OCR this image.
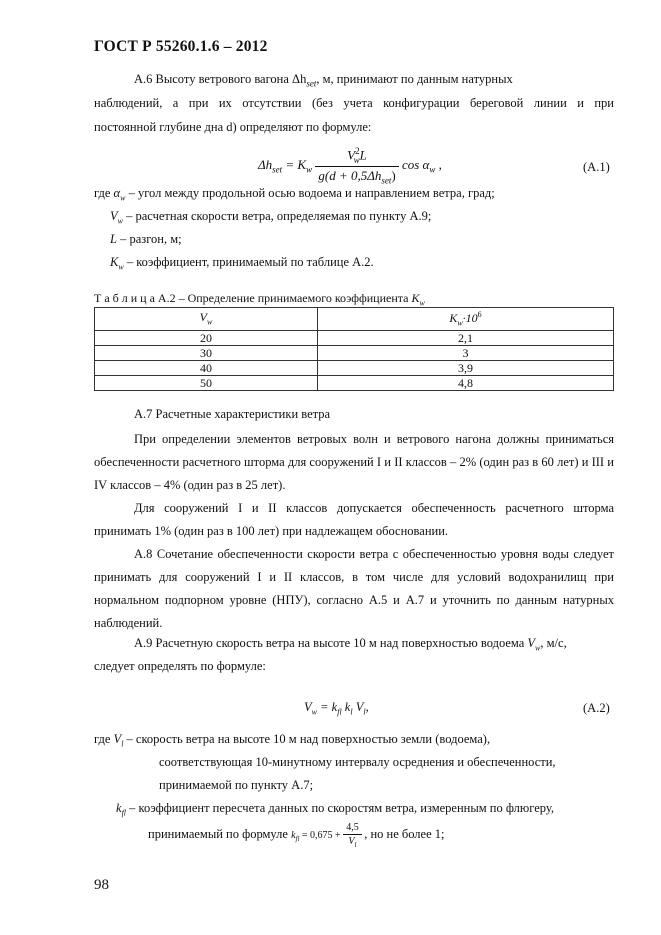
ГОСТ Р 55260.1.6 – 2012
А.6 Высоту ветрового вагона $\Delta h_{set}$, м, принимают по данным натурных
наблюдений, а при их отсутствии (без учета конфигурации береговой линии и при
постоянной глубине дна d) определяют по формуле:
$\Delta h_{set} = K_w \frac{V^2_wL}{g(d + 0,5\Delta h_{set})}$ $\cos \alpha_w$ ,	(А.1)
где $\alpha_w$ – угол между продольной осью водоема и направлением ветра, град;
$V_w$ – расчетная скорости ветра, определяемая по пункту А.9;
L – разгон, м;
$K_w$ – коэффициент, принимаемый по таблице А.2.
Т а б л и ц а А.2 – Определение принимаемого коэффициента $K_w$
$V_w$	$K_w\cdot 10^6$
20	2,1
30	3
40	3,9
50	4,8
А.7 Расчетные характеристики ветра
При определении элементов ветровых волн и ветрового нагона должны приниматься обеспеченности расчетного шторма для сооружений I и II классов – 2% (один раз в 60 лет) и III и IV классов – 4% (один раз в 25 лет).
Для сооружений I и II классов допускается обеспеченность расчетного шторма принимать 1% (один раз в 100 лет) при надлежащем обосновании.
А.8 Сочетание обеспеченности скорости ветра с обеспеченностью уровня воды следует принимать для сооружений I и II классов, в том числе для условий водохранилищ при нормальном подпорном уровне (НПУ), согласно А.5 и А.7 и уточнить по данным натурных наблюдений.
А.9 Расчетную скорость ветра на высоте 10 м над поверхностью водоема $V_w$, м/с,
следует определять по формуле:
$V_w = k_{fl}$ $k_l$ $V_l$,	(А.2)
где $V_l$ – скорость ветра на высоте 10 м над поверхностью земли (водоема),
соответствующая 10-минутному интервалу осреднения и обеспеченности,
принимаемой по пункту А.7;
$k_{fl}$ – коэффициент пересчета данных по скоростям ветра, измеренным по флюгеру,
принимаемый по формуле $k_{fl} = 0,675 + \frac{4,5}{V_l}$ , но не более 1;
98
